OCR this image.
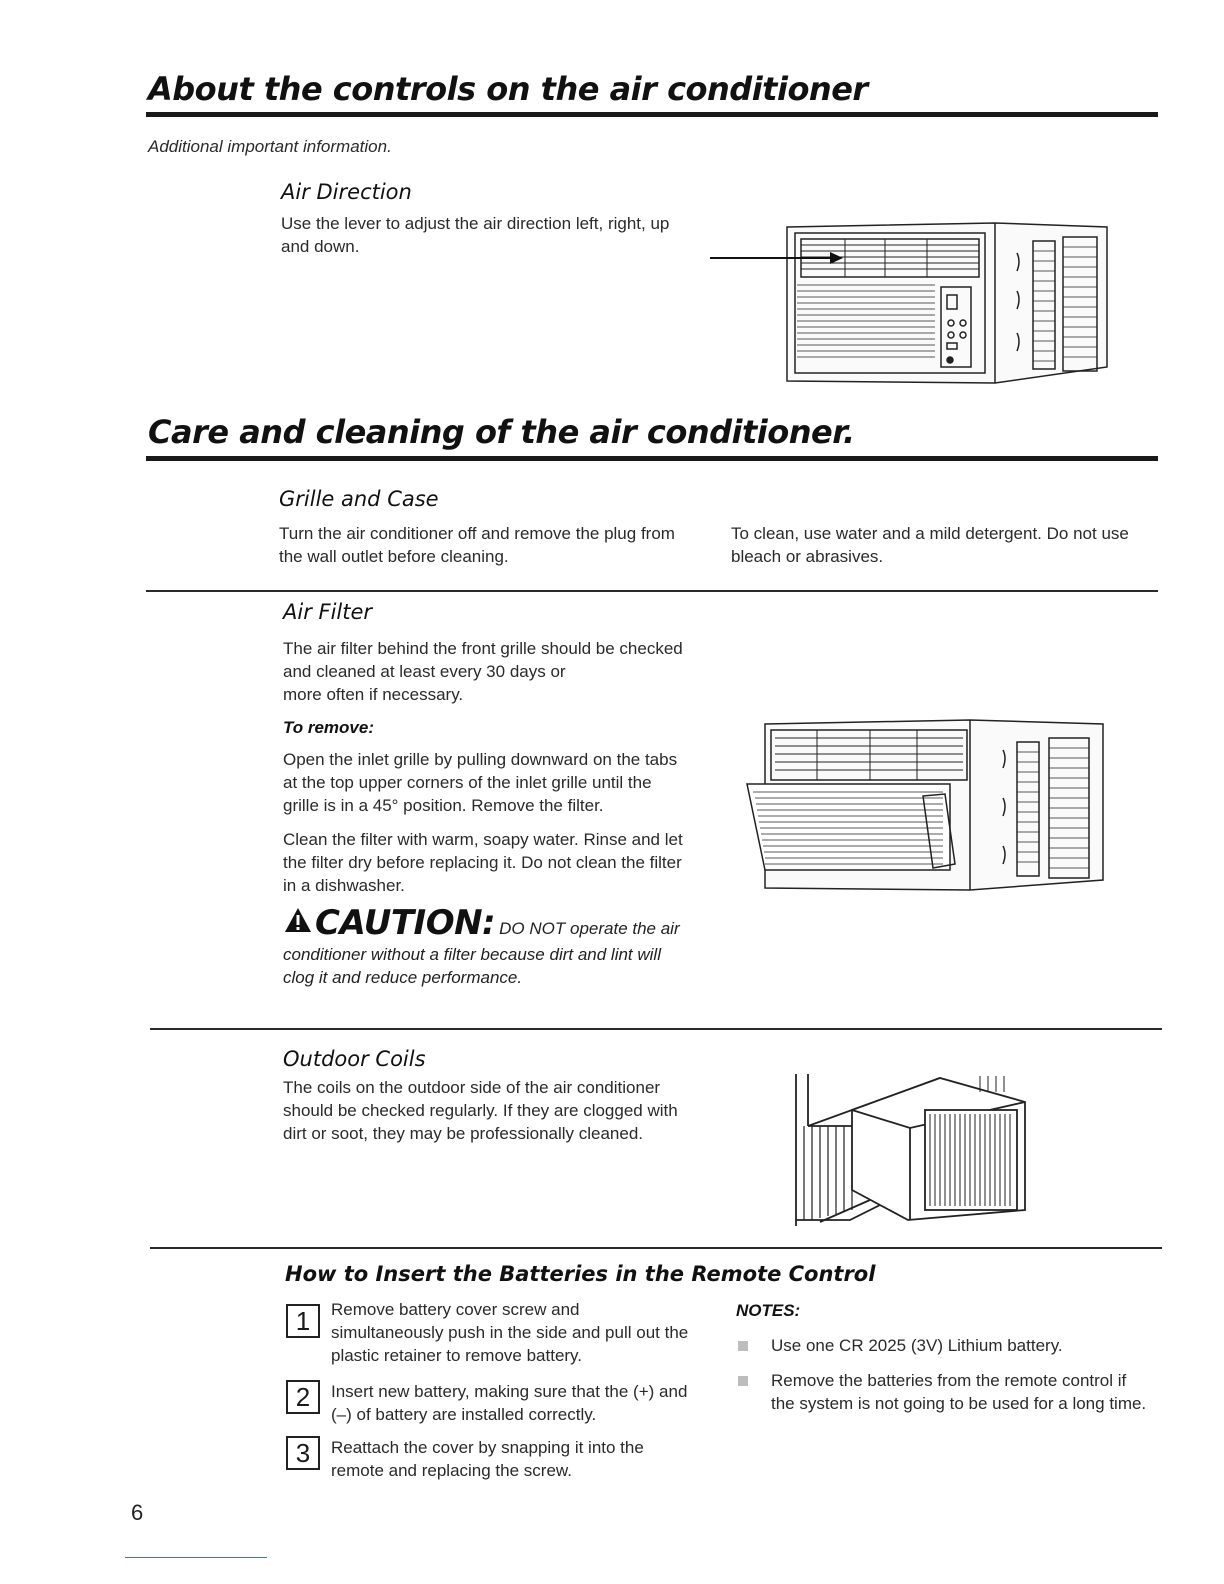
About the controls on the air conditioner
Additional important information.
Air Direction
Use the lever to adjust the air direction left, right, up
and down.
Care and cleaning of the air conditioner.
Grille and Case
Turn the air conditioner off and remove the plug from
the wall outlet before cleaning.
To clean, use water and a mild detergent. Do not use
bleach or abrasives.
Air Filter
The air filter behind the front grille should be checked
and cleaned at least every 30 days or
more often if necessary.
To remove:
Open the inlet grille by pulling downward on the tabs
at the top upper corners of the inlet grille until the
grille is in a 45° position. Remove the filter.
Clean the filter with warm, soapy water. Rinse and let
the filter dry before replacing it. Do not clean the filter
in a dishwasher.
CAUTION: DO NOT operate the air
conditioner without a filter because dirt and lint will
clog it and reduce performance.
Outdoor Coils
The coils on the outdoor side of the air conditioner
should be checked regularly. If they are clogged with
dirt or soot, they may be professionally cleaned.
How to Insert the Batteries in the Remote Control
1	Remove battery cover screw and
simultaneously push in the side and pull out the
plastic retainer to remove battery.
2	Insert new battery, making sure that the (+) and
(–) of battery are installed correctly.
3	Reattach the cover by snapping it into the
remote and replacing the screw.
NOTES:
Use one CR 2025 (3V) Lithium battery.
Remove the batteries from the remote control if
the system is not going to be used for a long time.
6
